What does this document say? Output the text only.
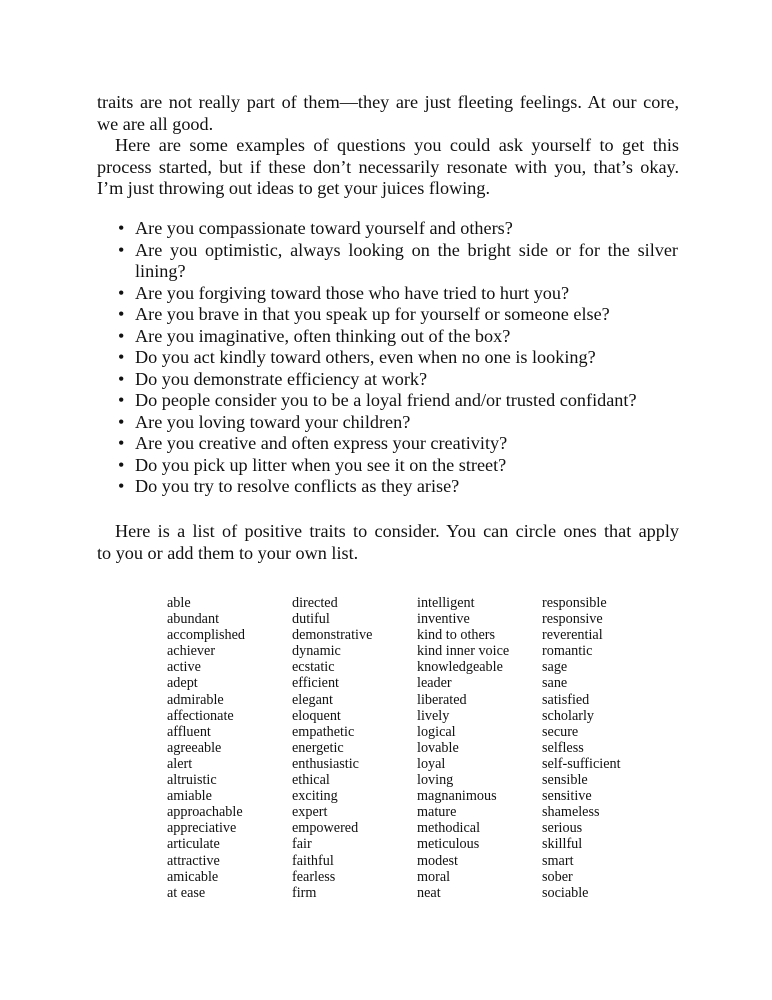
traits are not really part of them—they are just fleeting feelings. At our core,
we are all good.
Here are some examples of questions you could ask yourself to get this
process started, but if these don’t necessarily resonate with you, that’s okay.
I’m just throwing out ideas to get your juices flowing.
• Are you compassionate toward yourself and others?
• Are you optimistic, always looking on the bright side or for the silver
lining?
• Are you forgiving toward those who have tried to hurt you?
• Are you brave in that you speak up for yourself or someone else?
• Are you imaginative, often thinking out of the box?
• Do you act kindly toward others, even when no one is looking?
• Do you demonstrate efficiency at work?
• Do people consider you to be a loyal friend and/or trusted confidant?
• Are you loving toward your children?
• Are you creative and often express your creativity?
• Do you pick up litter when you see it on the street?
• Do you try to resolve conflicts as they arise?
Here is a list of positive traits to consider. You can circle ones that apply
to you or add them to your own list.
able
abundant
accomplished
achiever
active
adept
admirable
affectionate
affluent
agreeable
alert
altruistic
amiable
approachable
appreciative
articulate
attractive
amicable
at ease
directed
dutiful
demonstrative
dynamic
ecstatic
efficient
elegant
eloquent
empathetic
energetic
enthusiastic
ethical
exciting
expert
empowered
fair
faithful
fearless
firm
intelligent
inventive
kind to others
kind inner voice
knowledgeable
leader
liberated
lively
logical
lovable
loyal
loving
magnanimous
mature
methodical
meticulous
modest
moral
neat
responsible
responsive
reverential
romantic
sage
sane
satisfied
scholarly
secure
selfless
self-sufficient
sensible
sensitive
shameless
serious
skillful
smart
sober
sociable
